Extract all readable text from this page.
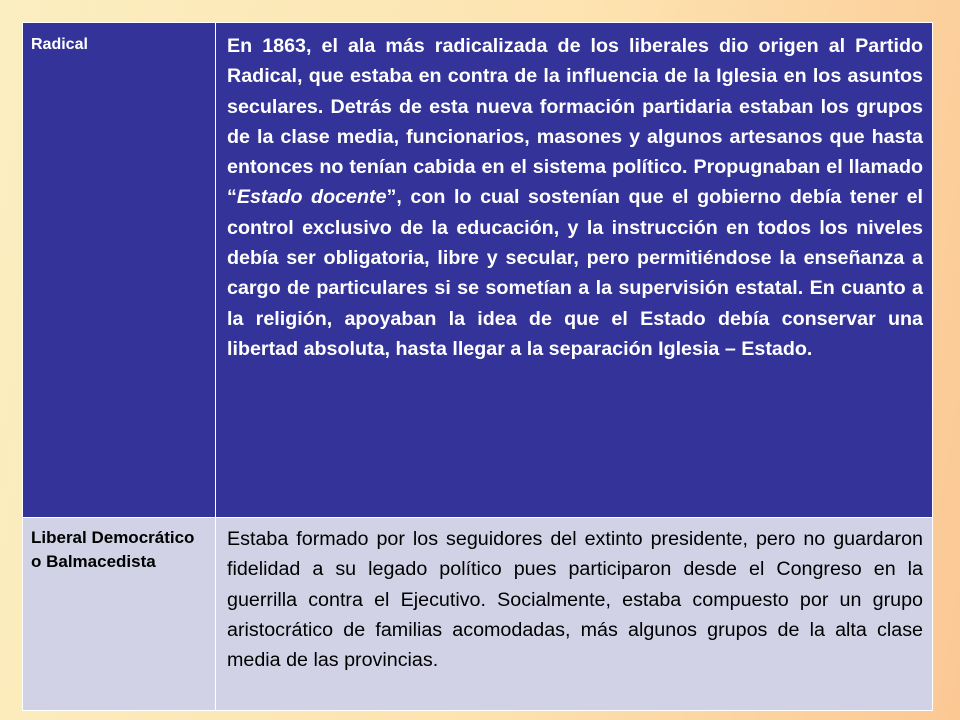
Radical	En 1863, el ala más radicalizada de los liberales dio origen al Partido Radical, que estaba en contra de la influencia de la Iglesia en los asuntos seculares. Detrás de esta nueva formación partidaria estaban los grupos de la clase media, funcionarios, masones y algunos artesanos que hasta entonces no tenían cabida en el sistema político. Propugnaban el llamado “Estado docente”, con lo cual sostenían que el gobierno debía tener el control exclusivo de la educación, y la instrucción en todos los niveles debía ser obligatoria, libre y secular, pero permitiéndose la enseñanza a cargo de particulares si se sometían a la supervisión estatal. En cuanto a la religión, apoyaban la idea de que el Estado debía conservar una libertad absoluta, hasta llegar a la separación Iglesia – Estado.

Liberal Democrático o Balmacedista	Estaba formado por los seguidores del extinto presidente, pero no guardaron fidelidad a su legado político pues participaron desde el Congreso en la guerrilla contra el Ejecutivo. Socialmente, estaba compuesto por un grupo aristocrático de familias acomodadas, más algunos grupos de la alta clase media de las provincias.
